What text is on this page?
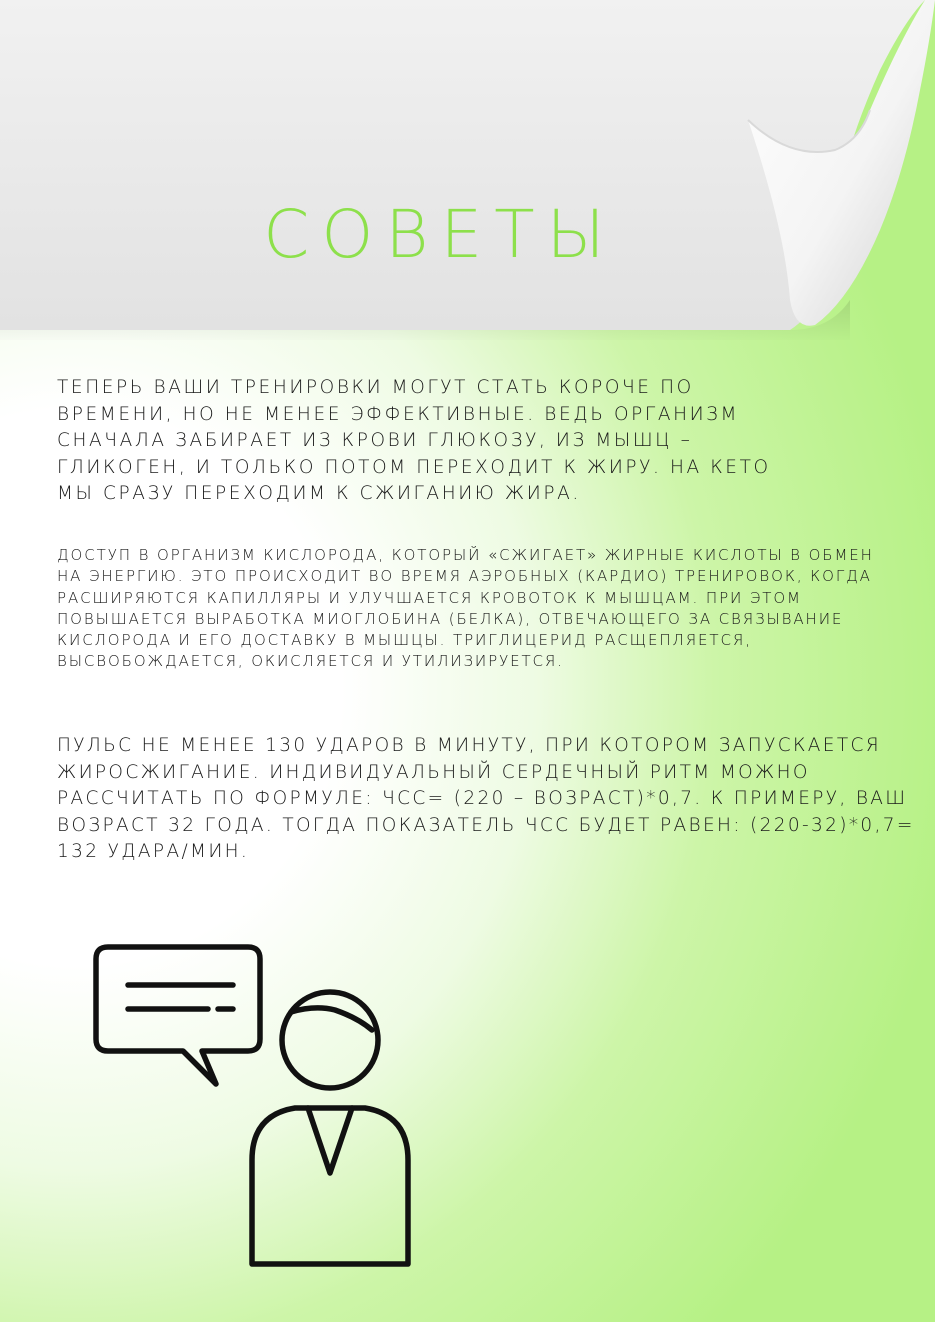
СОВЕТЫ

ТЕПЕРЬ ВАШИ ТРЕНИРОВКИ МОГУТ СТАТЬ КОРОЧЕ ПО ВРЕМЕНИ, НО НЕ МЕНЕЕ ЭФФЕКТИВНЫЕ. ВЕДЬ ОРГАНИЗМ СНАЧАЛА ЗАБИРАЕТ ИЗ КРОВИ ГЛЮКОЗУ, ИЗ МЫШЦ – ГЛИКОГЕН, И ТОЛЬКО ПОТОМ ПЕРЕХОДИТ К ЖИРУ. НА КЕТО МЫ СРАЗУ ПЕРЕХОДИМ К СЖИГАНИЮ ЖИРА.

ДОСТУП В ОРГАНИЗМ КИСЛОРОДА, КОТОРЫЙ «СЖИГАЕТ» ЖИРНЫЕ КИСЛОТЫ В ОБМЕН НА ЭНЕРГИЮ. ЭТО ПРОИСХОДИТ ВО ВРЕМЯ АЭРОБНЫХ (КАРДИО) ТРЕНИРОВОК, КОГДА РАСШИРЯЮТСЯ КАПИЛЛЯРЫ И УЛУЧШАЕТСЯ КРОВОТОК К МЫШЦАМ. ПРИ ЭТОМ ПОВЫШАЕТСЯ ВЫРАБОТКА МИОГЛОБИНА (БЕЛКА), ОТВЕЧАЮЩЕГО ЗА СВЯЗЫВАНИЕ КИСЛОРОДА И ЕГО ДОСТАВКУ В МЫШЦЫ. ТРИГЛИЦЕРИД РАСЩЕПЛЯЕТСЯ, ВЫСВОБОЖДАЕТСЯ, ОКИСЛЯЕТСЯ И УТИЛИЗИРУЕТСЯ.

ПУЛЬС НЕ МЕНЕЕ 130 УДАРОВ В МИНУТУ, ПРИ КОТОРОМ ЗАПУСКАЕТСЯ ЖИРОСЖИГАНИЕ. ИНДИВИДУАЛЬНЫЙ СЕРДЕЧНЫЙ РИТМ МОЖНО РАССЧИТАТЬ ПО ФОРМУЛЕ: ЧСС= (220 – ВОЗРАСТ)*0,7. К ПРИМЕРУ, ВАШ ВОЗРАСТ 32 ГОДА. ТОГДА ПОКАЗАТЕЛЬ ЧСС БУДЕТ РАВЕН: (220-32)*0,7= 132 УДАРА/МИН.
